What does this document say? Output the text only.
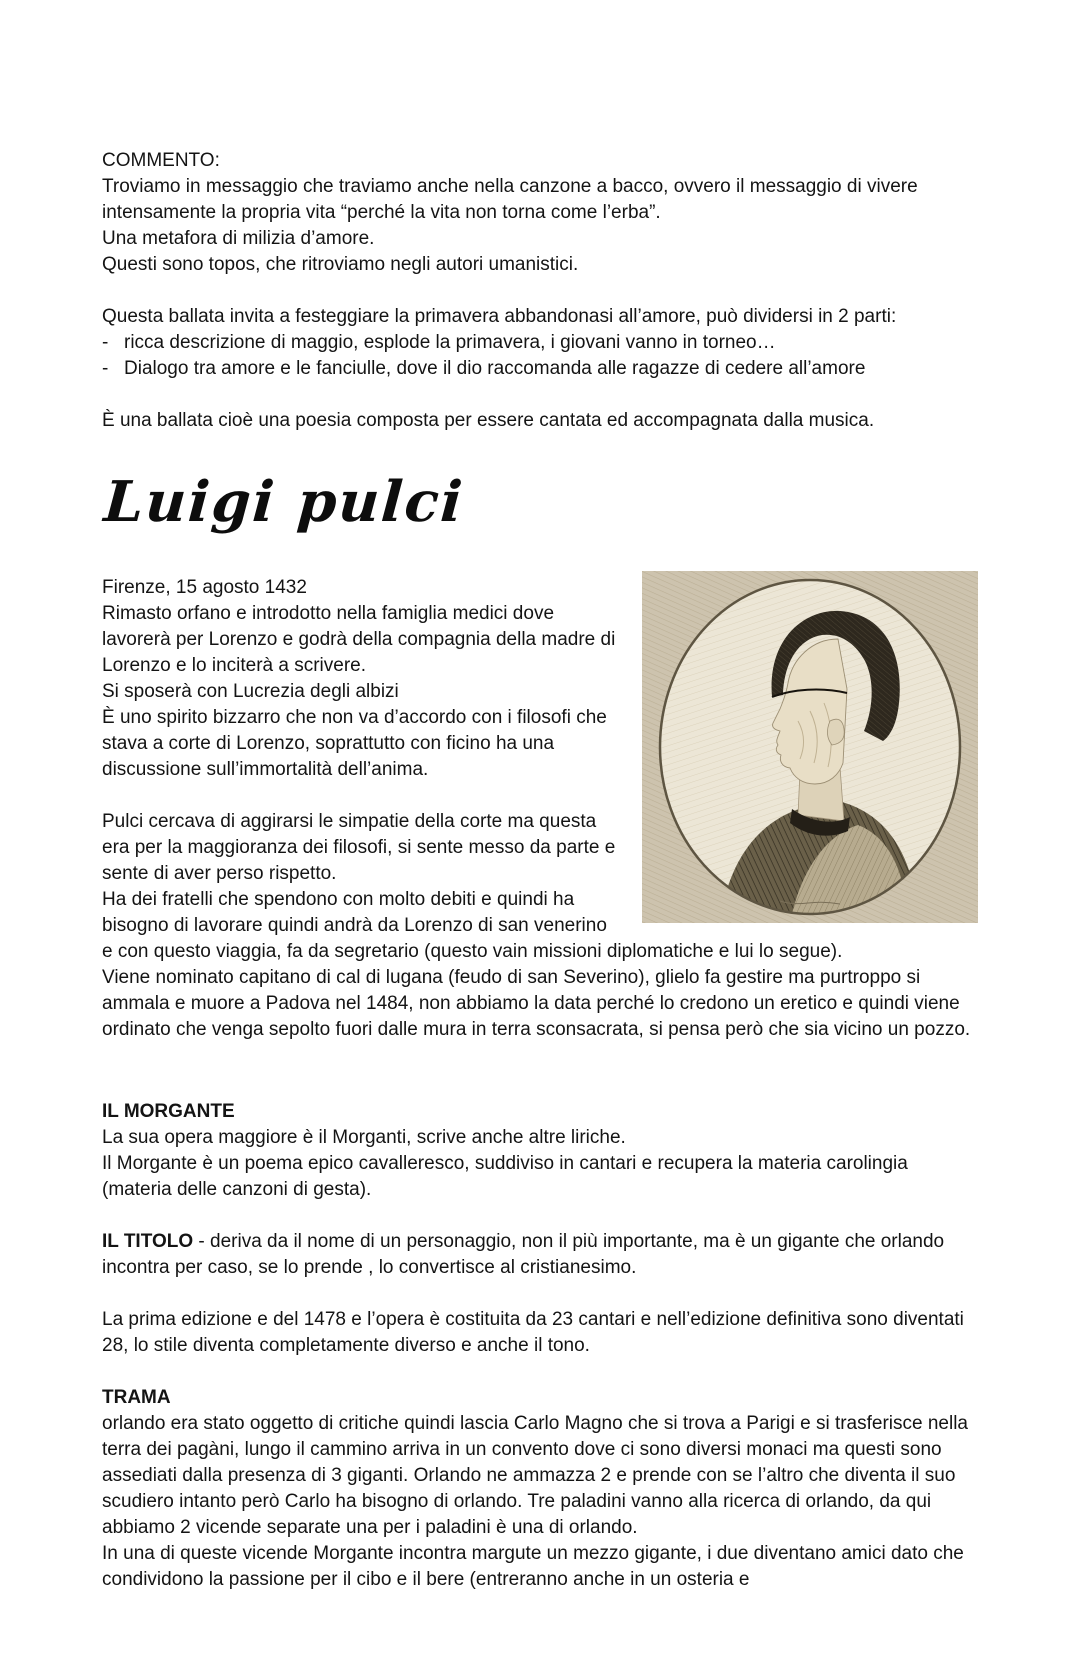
COMMENTO:

Troviamo in messaggio che traviamo anche nella canzone a bacco, ovvero il messaggio di vivere intensamente la propria vita “perché la vita non torna come l’erba”.

Una metafora di milizia d’amore.

Questi sono topos, che ritroviamo negli autori umanistici.

Questa ballata invita a festeggiare la primavera abbandonasi all’amore, può dividersi in 2 parti:

- ricca descrizione di maggio, esplode la primavera, i giovani vanno in torneo…
- Dialogo tra amore e le fanciulle, dove il dio raccomanda alle ragazze di cedere all’amore

È una ballata cioè una poesia composta per essere cantata ed accompagnata dalla musica.

Luigi pulci

Firenze, 15 agosto 1432

Rimasto orfano e introdotto nella famiglia medici dove lavorerà per Lorenzo e godrà della compagnia della madre di Lorenzo e lo inciterà a scrivere.

Si sposerà con Lucrezia degli albizi

È uno spirito bizzarro che non va d’accordo con i filosofi che stava a corte di Lorenzo, soprattutto con ficino ha una discussione sull’immortalità dell’anima.

Pulci cercava di aggirarsi le simpatie della corte ma questa era per la maggioranza dei filosofi, si sente messo da parte e sente di aver perso rispetto.

Ha dei fratelli che spendono con molto debiti e quindi ha bisogno di lavorare quindi andrà da Lorenzo di san venerino e con questo viaggia, fa da segretario (questo vain missioni diplomatiche e lui lo segue).

Viene nominato capitano di cal di lugana (feudo di san Severino), glielo fa gestire ma purtroppo si ammala e muore a Padova nel 1484, non abbiamo la data perché lo credono un eretico e quindi viene ordinato che venga sepolto fuori dalle mura in terra sconsacrata, si pensa però che sia vicino un pozzo.

IL MORGANTE

La sua opera maggiore è il Morganti, scrive anche altre liriche.

Il Morgante è un poema epico cavalleresco, suddiviso in cantari e recupera la materia carolingia (materia delle canzoni di gesta).

IL TITOLO - deriva da il nome di un personaggio, non il più importante, ma è un gigante che orlando incontra per caso, se lo prende , lo convertisce al cristianesimo.

La prima edizione e del 1478 e l’opera è costituita da 23 cantari e nell’edizione definitiva sono diventati 28, lo stile diventa completamente diverso e anche il tono.

TRAMA

orlando era stato oggetto di critiche quindi lascia Carlo Magno che si trova a Parigi e si trasferisce nella terra dei pagàni, lungo il cammino arriva in un convento dove ci sono diversi monaci ma questi sono assediati dalla presenza di 3 giganti. Orlando ne ammazza 2 e prende con se l’altro che diventa il suo scudiero intanto però Carlo ha bisogno di orlando. Tre paladini vanno alla ricerca di orlando, da qui abbiamo 2 vicende separate una per i paladini è una di orlando.

In una di queste vicende Morgante incontra margute un mezzo gigante, i due diventano amici dato che condividono la passione per il cibo e il bere (entreranno anche in un osteria e
